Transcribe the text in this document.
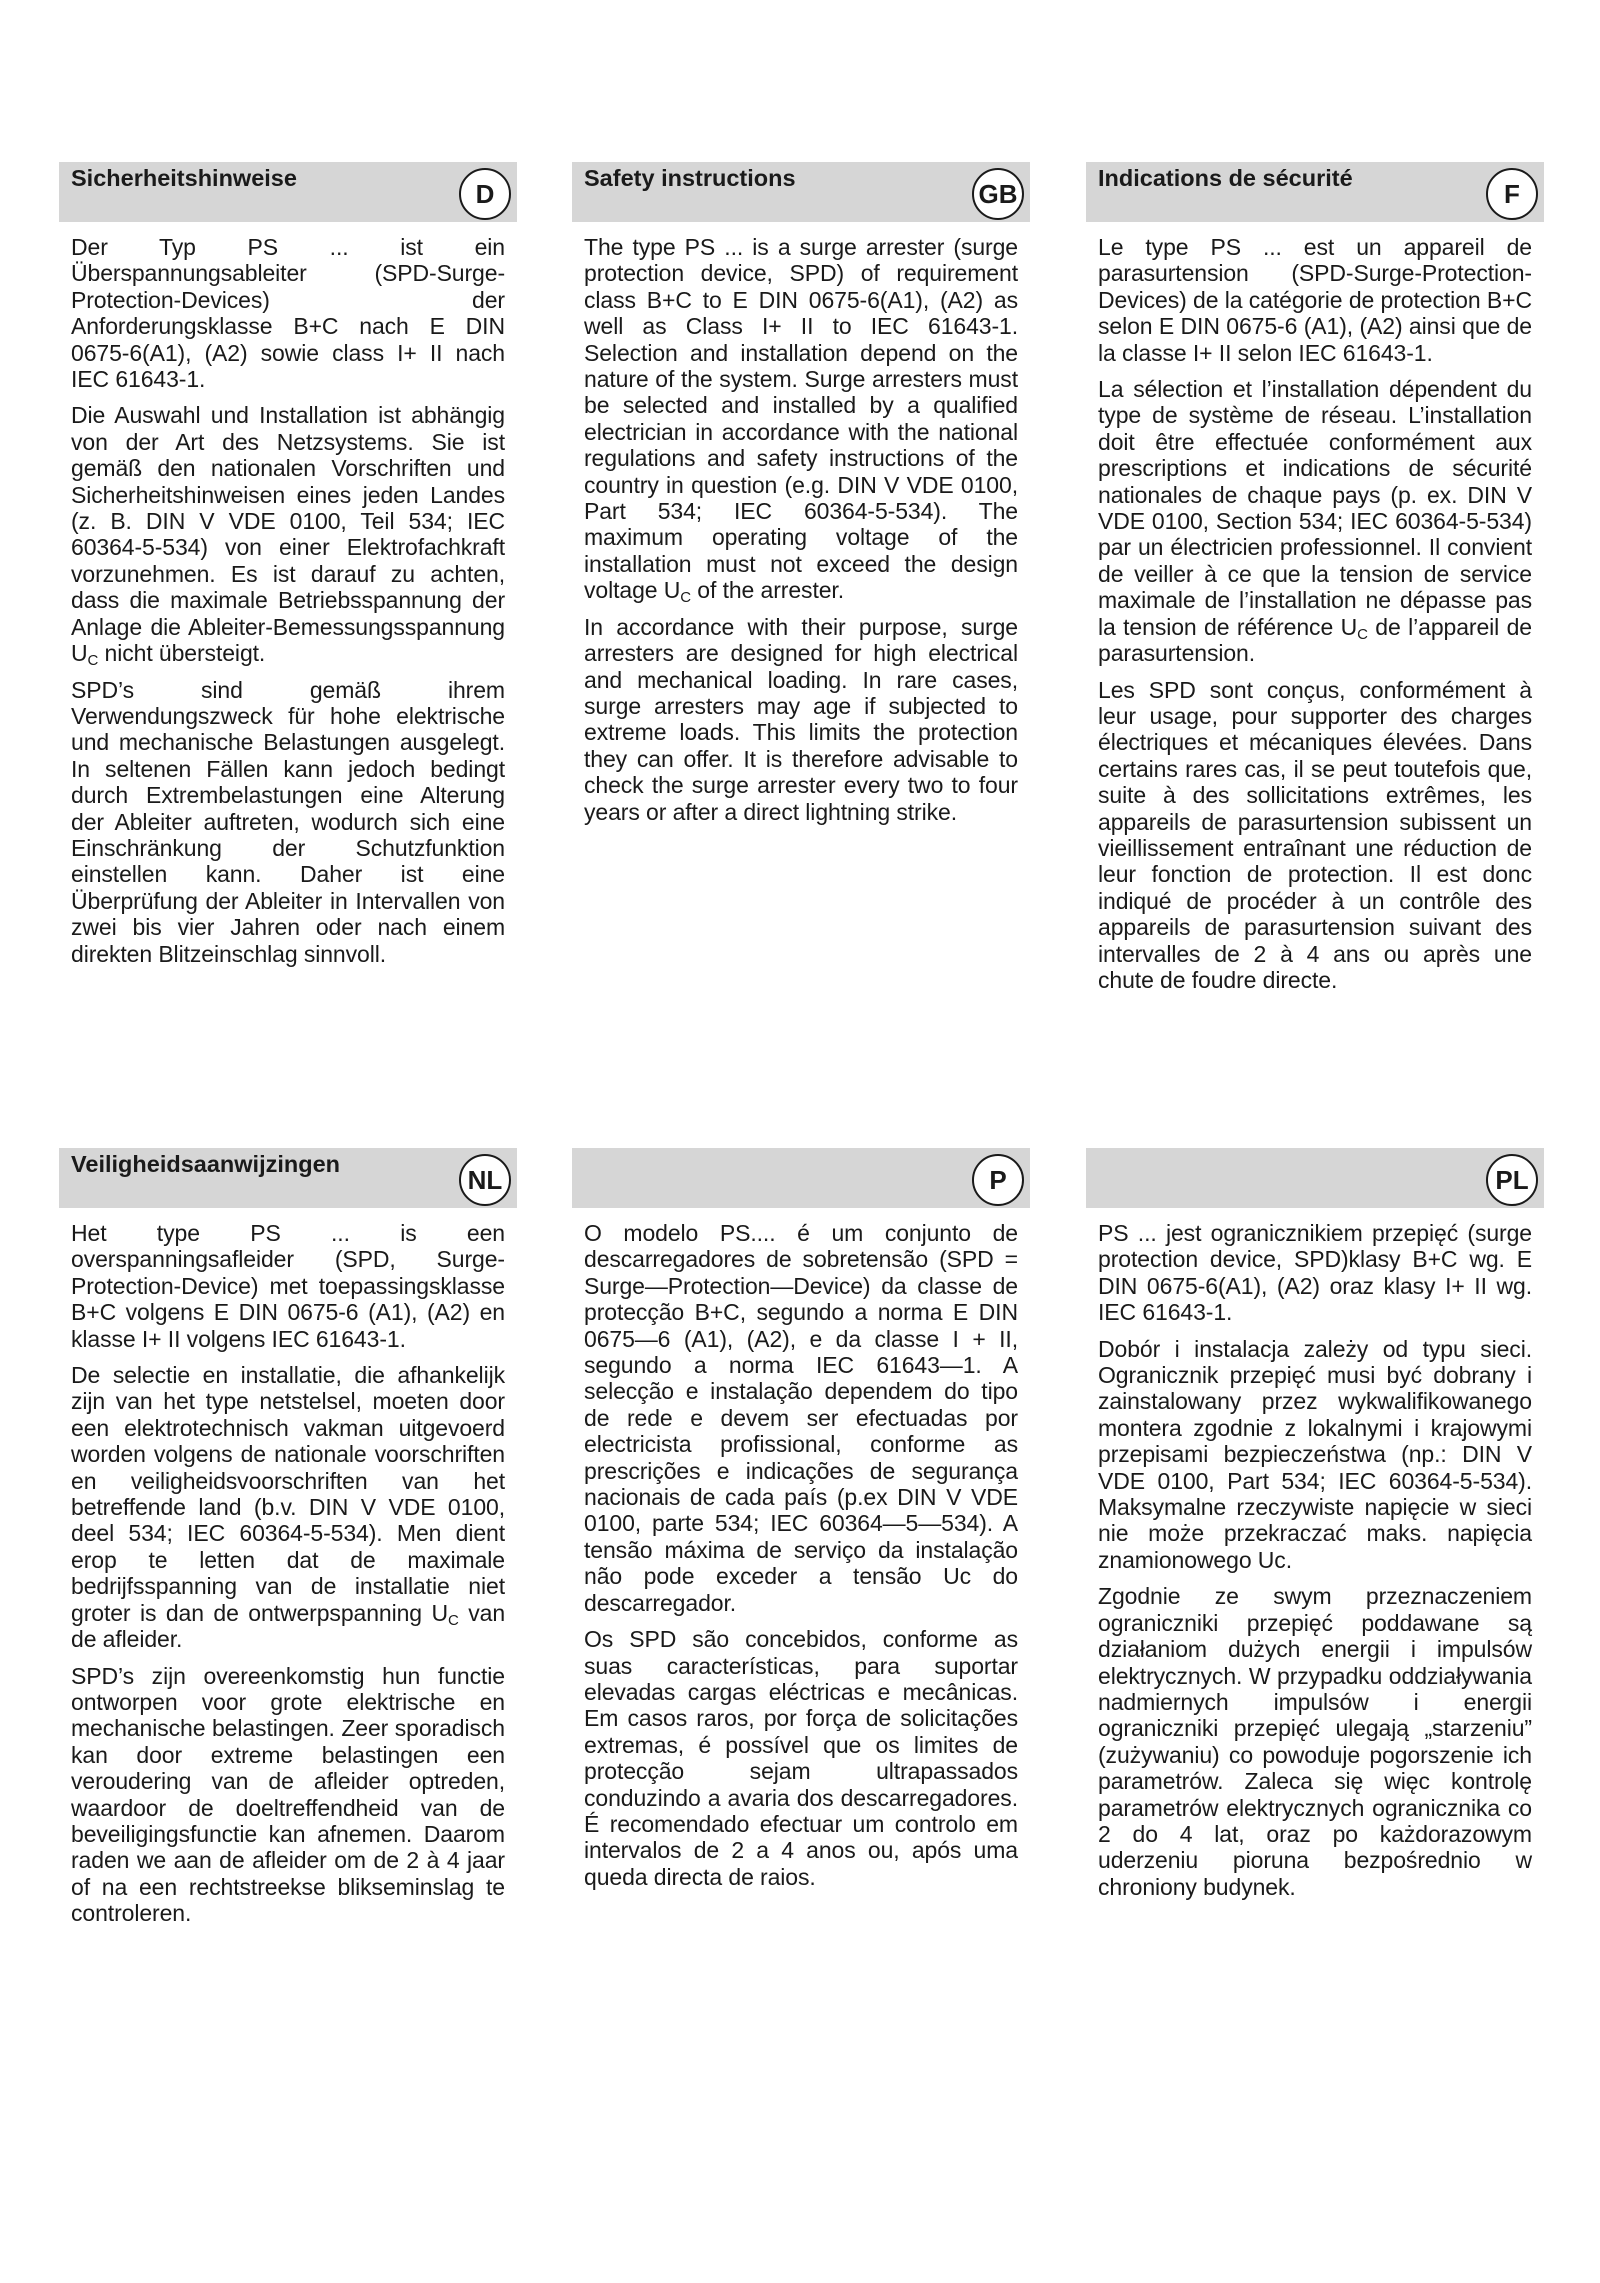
Sicherheitshinweise
D

Der Typ PS ... ist ein Überspannungsableiter (SPD-Surge-Protection-Devices) der Anforderungsklasse B+C nach E DIN 0675-6(A1), (A2) sowie class I+ II nach IEC 61643-1.

Die Auswahl und Installation ist abhängig von der Art des Netzsystems. Sie ist gemäß den nationalen Vorschriften und Sicherheitshinweisen eines jeden Landes (z. B. DIN V VDE 0100, Teil 534; IEC 60364-5-534) von einer Elektrofachkraft vorzunehmen. Es ist darauf zu achten, dass die maximale Betriebsspannung der Anlage die Ableiter-Bemessungsspannung $U_C$ nicht übersteigt.

SPD’s sind gemäß ihrem Verwendungszweck für hohe elektrische und mechanische Belastungen ausgelegt. In seltenen Fällen kann jedoch bedingt durch Extrembelastungen eine Alterung der Ableiter auftreten, wodurch sich eine Einschränkung der Schutzfunktion einstellen kann. Daher ist eine Überprüfung der Ableiter in Intervallen von zwei bis vier Jahren oder nach einem direkten Blitzeinschlag sinnvoll.

Safety instructions
GB

The type PS ... is a surge arrester (surge protection device, SPD) of requirement class B+C to E DIN 0675-6(A1), (A2) as well as Class I+ II to IEC 61643-1. Selection and installation depend on the nature of the system. Surge arresters must be selected and installed by a qualified electrician in accordance with the national regulations and safety instructions of the country in question (e.g. DIN V VDE 0100, Part 534; IEC 60364-5-534). The maximum operating voltage of the installation must not exceed the design voltage $U_C$ of the arrester.

In accordance with their purpose, surge arresters are designed for high electrical and mechanical loading. In rare cases, surge arresters may age if subjected to extreme loads. This limits the protection they can offer. It is therefore advisable to check the surge arrester every two to four years or after a direct lightning strike.

Indications de sécurité
F

Le type PS ... est un appareil de parasurtension (SPD-Surge-Protection-Devices) de la catégorie de protection B+C selon E DIN 0675-6 (A1), (A2) ainsi que de la classe I+ II selon IEC 61643-1.

La sélection et l’installation dépendent du type de système de réseau. L’installation doit être effectuée conformément aux prescriptions et indications de sécurité nationales de chaque pays (p. ex. DIN V VDE 0100, Section 534; IEC 60364-5-534) par un électricien professionnel. Il convient de veiller à ce que la tension de service maximale de l’installation ne dépasse pas la tension de référence $U_C$ de l’appareil de parasurtension.

Les SPD sont conçus, conformément à leur usage, pour supporter des charges électriques et mécaniques élevées. Dans certains rares cas, il se peut toutefois que, suite à des sollicitations extrêmes, les appareils de parasurtension subissent un vieillissement entraînant une réduction de leur fonction de protection. Il est donc indiqué de procéder à un contrôle des appareils de parasurtension suivant des intervalles de 2 à 4 ans ou après une chute de foudre directe.

Veiligheidsaanwijzingen
NL

Het type PS ... is een overspanningsafleider (SPD, Surge-Protection-Device) met toepassingsklasse B+C volgens E DIN 0675-6 (A1), (A2) en klasse I+ II volgens IEC 61643-1.

De selectie en installatie, die afhankelijk zijn van het type netstelsel, moeten door een elektrotechnisch vakman uitgevoerd worden volgens de nationale voorschriften en veiligheidsvoorschriften van het betreffende land (b.v. DIN V VDE 0100, deel 534; IEC 60364-5-534). Men dient erop te letten dat de maximale bedrijfsspanning van de installatie niet groter is dan de ontwerpspanning $U_C$ van de afleider.

SPD’s zijn overeenkomstig hun functie ontworpen voor grote elektrische en mechanische belastingen. Zeer sporadisch kan door extreme belastingen een veroudering van de afleider optreden, waardoor de doeltreffendheid van de beveiligingsfunctie kan afnemen. Daarom raden we aan de afleider om de 2 à 4 jaar of na een rechtstreekse blikseminslag te controleren.

P

O modelo PS.... é um conjunto de descarregadores de sobretensão (SPD = Surge—Protection—Device) da classe de protecção B+C, segundo a norma E DIN 0675—6 (A1), (A2), e da classe I + II, segundo a norma IEC 61643—1. A selecção e instalação dependem do tipo de rede e devem ser efectuadas por electricista profissional, conforme as prescrições e indicações de segurança nacionais de cada país (p.ex DIN V VDE 0100, parte 534; IEC 60364—5—534). A tensão máxima de serviço da instalação não pode exceder a tensão Uc do descarregador.

Os SPD são concebidos, conforme as suas características, para suportar elevadas cargas eléctricas e mecânicas. Em casos raros, por força de solicitações extremas, é possível que os limites de protecção sejam ultrapassados conduzindo a avaria dos descarregadores. É recomendado efectuar um controlo em intervalos de 2 a 4 anos ou, após uma queda directa de raios.

PL

PS ... jest ogranicznikiem przepięć (surge protection device, SPD)klasy B+C wg. E DIN 0675-6(A1), (A2) oraz klasy I+ II wg. IEC 61643-1.

Dobór i instalacja zależy od typu sieci. Ogranicznik przepięć musi być dobrany i zainstalowany przez wykwalifikowanego montera zgodnie z lokalnymi i krajowymi przepisami bezpieczeństwa (np.: DIN V VDE 0100, Part 534; IEC 60364-5-534). Maksymalne rzeczywiste napięcie w sieci nie może przekraczać maks. napięcia znamionowego Uc.

Zgodnie ze swym przeznaczeniem ograniczniki przepięć poddawane są działaniom dużych energii i impulsów elektrycznych. W przypadku oddziaływania nadmiernych impulsów i energii ograniczniki przepięć ulegają „starzeniu” (zużywaniu) co powoduje pogorszenie ich parametrów. Zaleca się więc kontrolę parametrów elektrycznych ogranicznika co 2 do 4 lat, oraz po każdorazowym uderzeniu pioruna bezpośrednio w chroniony budynek.
